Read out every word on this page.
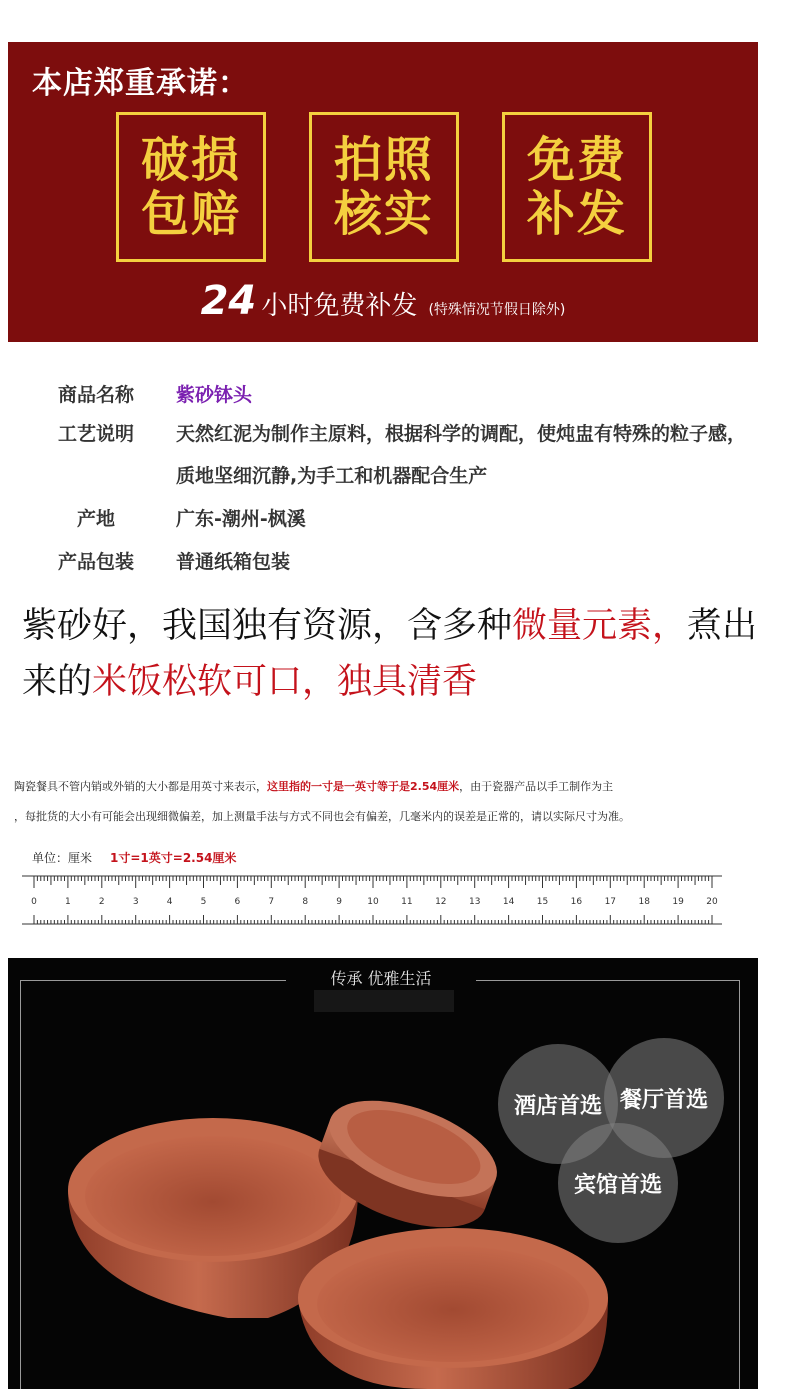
本店郑重承诺：
破损包赔
拍照核实
免费补发
24 小时免费补发 (特殊情况节假日除外)
商品名称	紫砂钵头
工艺说明	天然红泥为制作主原料，根据科学的调配，使炖盅有特殊的粒子感，质地坚细沉静,为手工和机器配合生产
产地	广东-潮州-枫溪
产品包装	普通纸箱包装
紫砂好，我国独有资源，含多种微量元素，煮出来的米饭松软可口，独具清香
陶瓷餐具不管内销或外销的大小都是用英寸来表示，这里指的一寸是一英寸等于是2.54厘米，由于瓷器产品以手工制作为主
，每批货的大小有可能会出现细微偏差，加上测量手法与方式不同也会有偏差，几毫米内的误差是正常的，请以实际尺寸为准。
单位：厘米 1寸=1英寸=2.54厘米
0	1	2	3	4	5	6	7	8	9	10 11 12 13 14 15 16 17 18 19 20
传承 优雅生活
酒店首选 餐厅首选
宾馆首选
